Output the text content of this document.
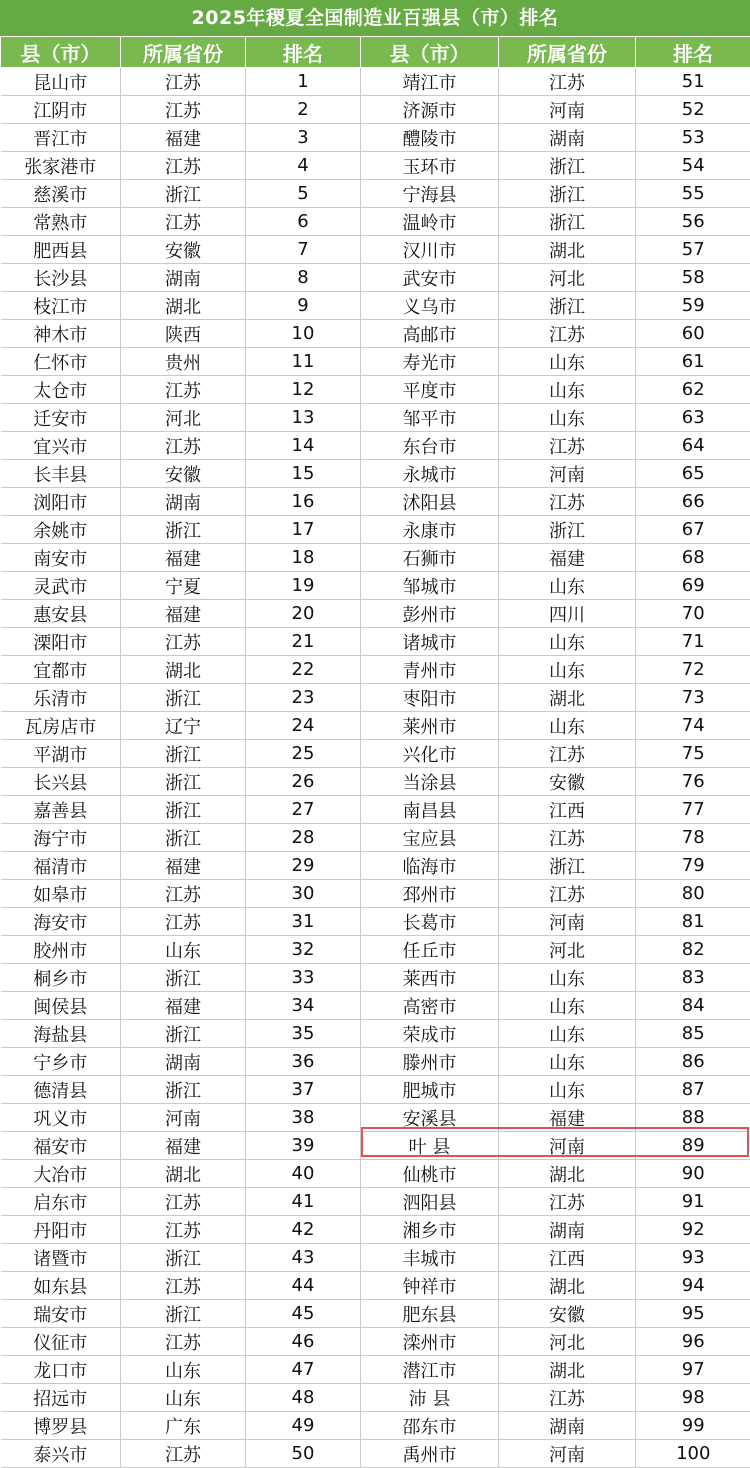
2025年稷夏全国制造业百强县（市）排名
县（市）	所属省份	排名	县（市）	所属省份	排名
昆山市	江苏	1	靖江市	江苏	51
江阴市	江苏	2	济源市	河南	52
晋江市	福建	3	醴陵市	湖南	53
张家港市	江苏	4	玉环市	浙江	54
慈溪市	浙江	5	宁海县	浙江	55
常熟市	江苏	6	温岭市	浙江	56
肥西县	安徽	7	汉川市	湖北	57
长沙县	湖南	8	武安市	河北	58
枝江市	湖北	9	义乌市	浙江	59
神木市	陕西	10	高邮市	江苏	60
仁怀市	贵州	11	寿光市	山东	61
太仓市	江苏	12	平度市	山东	62
迁安市	河北	13	邹平市	山东	63
宜兴市	江苏	14	东台市	江苏	64
长丰县	安徽	15	永城市	河南	65
浏阳市	湖南	16	沭阳县	江苏	66
余姚市	浙江	17	永康市	浙江	67
南安市	福建	18	石狮市	福建	68
灵武市	宁夏	19	邹城市	山东	69
惠安县	福建	20	彭州市	四川	70
溧阳市	江苏	21	诸城市	山东	71
宜都市	湖北	22	青州市	山东	72
乐清市	浙江	23	枣阳市	湖北	73
瓦房店市	辽宁	24	莱州市	山东	74
平湖市	浙江	25	兴化市	江苏	75
长兴县	浙江	26	当涂县	安徽	76
嘉善县	浙江	27	南昌县	江西	77
海宁市	浙江	28	宝应县	江苏	78
福清市	福建	29	临海市	浙江	79
如皋市	江苏	30	邳州市	江苏	80
海安市	江苏	31	长葛市	河南	81
胶州市	山东	32	任丘市	河北	82
桐乡市	浙江	33	莱西市	山东	83
闽侯县	福建	34	高密市	山东	84
海盐县	浙江	35	荣成市	山东	85
宁乡市	湖南	36	滕州市	山东	86
德清县	浙江	37	肥城市	山东	87
巩义市	河南	38	安溪县	福建	88
福安市	福建	39	叶 县	河南	89
大冶市	湖北	40	仙桃市	湖北	90
启东市	江苏	41	泗阳县	江苏	91
丹阳市	江苏	42	湘乡市	湖南	92
诸暨市	浙江	43	丰城市	江西	93
如东县	江苏	44	钟祥市	湖北	94
瑞安市	浙江	45	肥东县	安徽	95
仪征市	江苏	46	滦州市	河北	96
龙口市	山东	47	潜江市	湖北	97
招远市	山东	48	沛 县	江苏	98
博罗县	广东	49	邵东市	湖南	99
泰兴市	江苏	50	禹州市	河南	100
